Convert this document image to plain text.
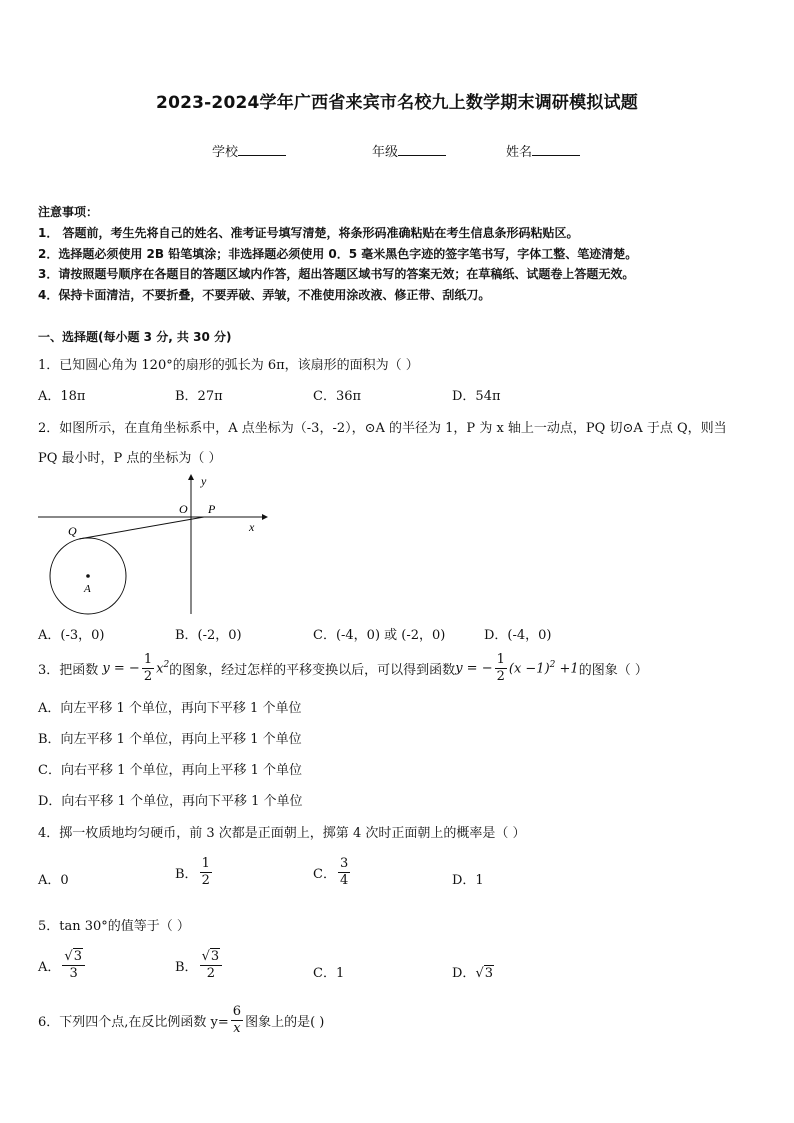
2023-2024学年广西省来宾市名校九上数学期末调研模拟试题
学校	年级	姓名
注意事项：
1． 答题前，考生先将自己的姓名、准考证号填写清楚，将条形码准确粘贴在考生信息条形码粘贴区。
2．选择题必须使用 2B 铅笔填涂；非选择题必须使用 0．5 毫米黑色字迹的签字笔书写，字体工整、笔迹清楚。
3．请按照题号顺序在各题目的答题区域内作答，超出答题区域书写的答案无效；在草稿纸、试题卷上答题无效。
4．保持卡面清洁，不要折叠，不要弄破、弄皱，不准使用涂改液、修正带、刮纸刀。
一、选择题(每小题 3 分, 共 30 分)
1．已知圆心角为 120°的扇形的弧长为 6π，该扇形的面积为（ ）
A．18π	B．27π	C．36π	D．54π
2．如图所示，在直角坐标系中，A 点坐标为（-3，-2），⊙A 的半径为 1，P 为 x 轴上一动点，PQ 切⊙A 于点 Q，则当
PQ 最小时，P 点的坐标为（ ）
y
x
O P
Q
A
A．(-3，0)	B．(-2，0)	C．(-4，0) 或 (-2，0)	D．(-4，0)
3．把函数 y = − $\frac{1}{2} x^2$ 的图象，经过怎样的平移变换以后，可以得到函数 y = − $\frac{1}{2} (x -1)^2 +1$ 的图象（ ）
A．向左平移 1 个单位，再向下平移 1 个单位
B．向左平移 1 个单位，再向上平移 1 个单位
C．向右平移 1 个单位，再向上平移 1 个单位
D．向右平移 1 个单位，再向下平移 1 个单位
4．掷一枚质地均匀硬币，前 3 次都是正面朝上，掷第 4 次时正面朝上的概率是（ ）
A．0	B． $\frac{1}{2}$	C． $\frac{3}{4}$	D．1
5．tan 30°的值等于（ ）
A． $\frac{√3}{3}$	B． $\frac{√3}{2}$	C．1	D．√3
6．下列四个点,在反比例函数 $y= \frac{6}{x}$ 图象上的是( )
